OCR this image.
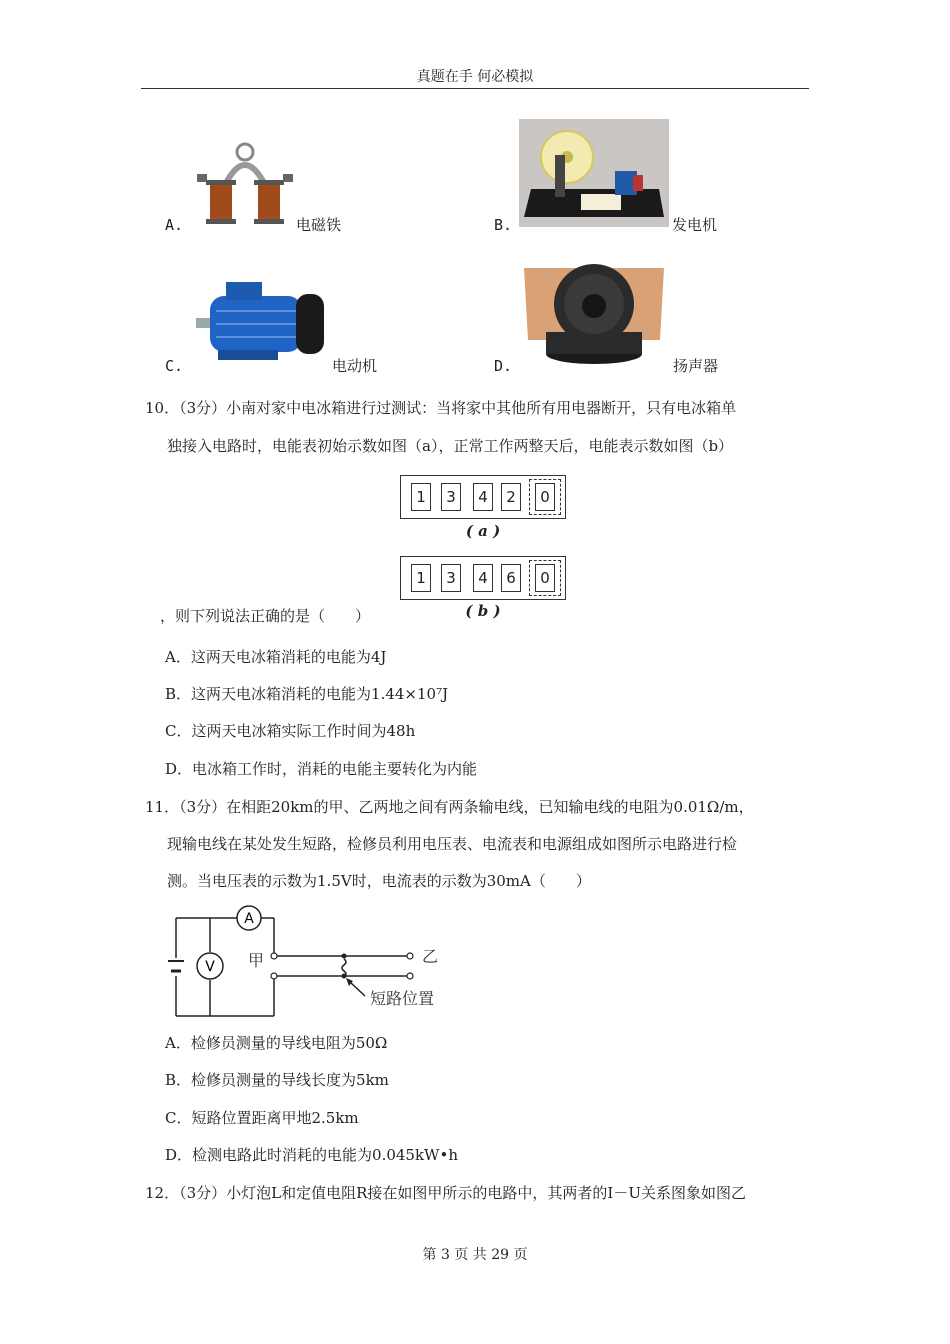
真题在手 何必模拟
A.	电磁铁	B.	发电机
C.	电动机	D.	扬声器
10．（3分）小南对家中电冰箱进行过测试：当将家中其他所有用电器断开，只有电冰箱单
独接入电路时，电能表初始示数如图（a），正常工作两整天后，电能表示数如图（b）
1	3	4	2	0
( a )
1	3	4	6	0
( b )
，则下列说法正确的是（　　）
A．这两天电冰箱消耗的电能为4J
B．这两天电冰箱消耗的电能为1.44×10⁷J
C．这两天电冰箱实际工作时间为48h
D．电冰箱工作时，消耗的电能主要转化为内能
11．（3分）在相距20km的甲、乙两地之间有两条输电线，已知输电线的电阻为0.01Ω/m，
现输电线在某处发生短路，检修员利用电压表、电流表和电源组成如图所示电路进行检
测。当电压表的示数为1.5V时，电流表的示数为30mA（　　）
A
V 甲	乙
短路位置
A．检修员测量的导线电阻为50Ω
B．检修员测量的导线长度为5km
C．短路位置距离甲地2.5km
D．检测电路此时消耗的电能为0.045kW•h
12．（3分）小灯泡L和定值电阻R接在如图甲所示的电路中，其两者的I－U关系图象如图乙
第 3 页 共 29 页
